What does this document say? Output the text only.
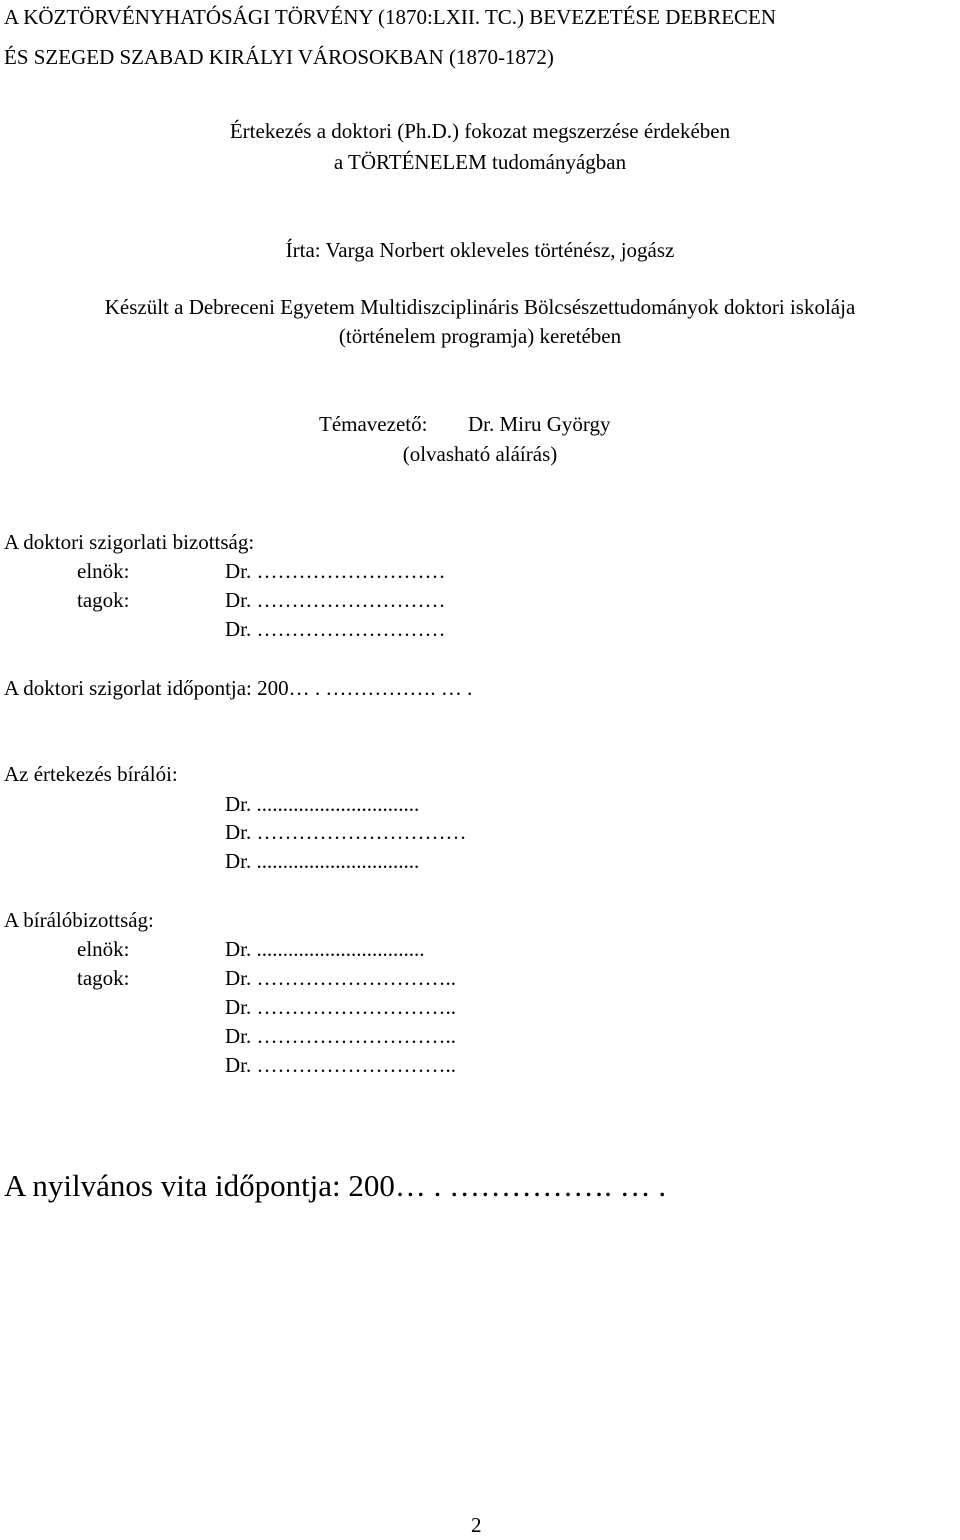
A KÖZTÖRVÉNYHATÓSÁGI TÖRVÉNY (1870:LXII. TC.) BEVEZETÉSE DEBRECEN

ÉS SZEGED SZABAD KIRÁLYI VÁROSOKBAN (1870-1872)

Értekezés a doktori (Ph.D.) fokozat megszerzése érdekében

a TÖRTÉNELEM tudományágban

Írta: Varga Norbert okleveles történész, jogász

Készült a Debreceni Egyetem Multidiszciplináris Bölcsészettudományok doktori iskolája

(történelem programja) keretében

Témavezető: Dr. Miru György

(olvasható aláírás)

A doktori szigorlati bizottság:

elnök:	Dr. ………………………

tagok:	Dr. ………………………

Dr. ………………………

A doktori szigorlat időpontja: 200… . ……………. … .

Az értekezés bírálói:

Dr. ...............................

Dr. …………………………

Dr. ...............................

A bírálóbizottság:

elnök:	Dr. ................................

tagok:	Dr. ………………………..

Dr. ………………………..

Dr. ………………………..

Dr. ………………………..

A nyilvános vita időpontja: 200… . ……………. … .

2
